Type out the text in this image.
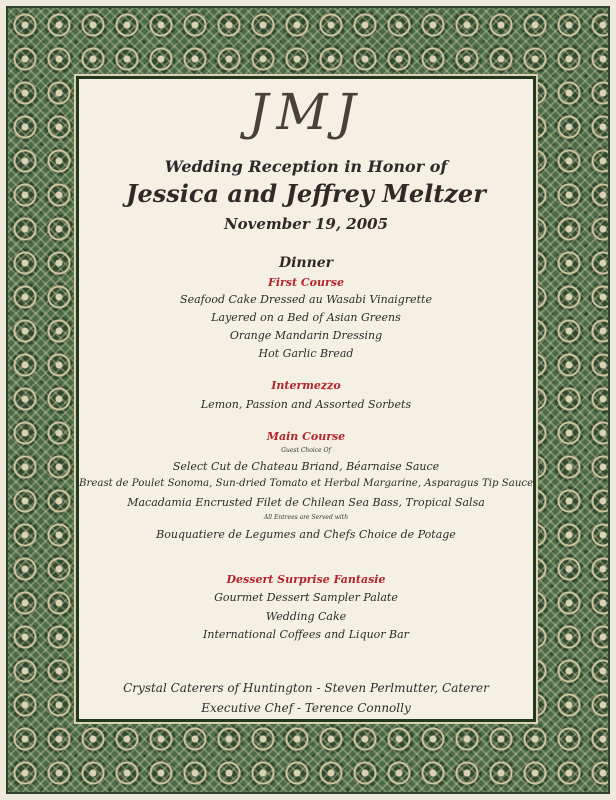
JMJ
Wedding Reception in Honor of
Jessica and Jeffrey Meltzer
November 19, 2005
Dinner
First Course
Seafood Cake Dressed au Wasabi Vinaigrette
Layered on a Bed of Asian Greens
Orange Mandarin Dressing
Hot Garlic Bread
Intermezzo
Lemon, Passion and Assorted Sorbets
Main Course
Guest Choice Of
Select Cut de Chateau Briand, Béarnaise Sauce
Breast de Poulet Sonoma, Sun-dried Tomato et Herbal Margarine, Asparagus Tip Sauce
Macadamia Encrusted Filet de Chilean Sea Bass, Tropical Salsa
All Entrees are Served with
Bouquatiere de Legumes and Chefs Choice de Potage
Dessert Surprise Fantasie
Gourmet Dessert Sampler Palate
Wedding Cake
International Coffees and Liquor Bar
Crystal Caterers of Huntington - Steven Perlmutter, Caterer
Executive Chef - Terence Connolly
